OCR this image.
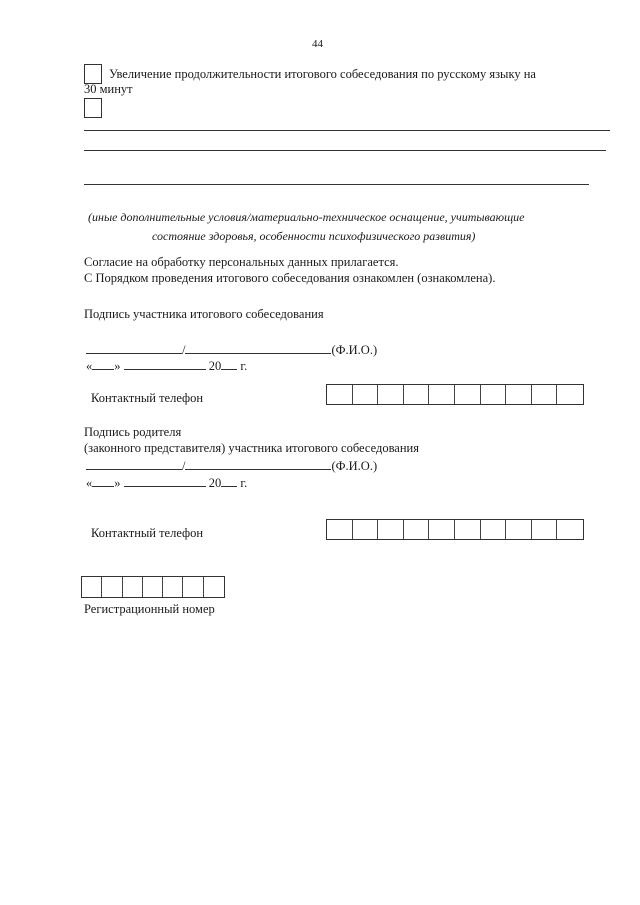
44
Увеличение продолжительности итогового собеседования по русскому языку на
30 минут
(иные дополнительные условия/материально-техническое оснащение, учитывающие
состояние здоровья, особенности психофизического развития)
Согласие на обработку персональных данных прилагается.
С Порядком проведения итогового собеседования ознакомлен (ознакомлена).
Подпись участника итогового собеседования
/	(Ф.И.О.)
« »	20 г.
Контактный телефон
Подпись родителя
(законного представителя) участника итогового собеседования
/	(Ф.И.О.)
« »	20 г.
Контактный телефон
Регистрационный номер
